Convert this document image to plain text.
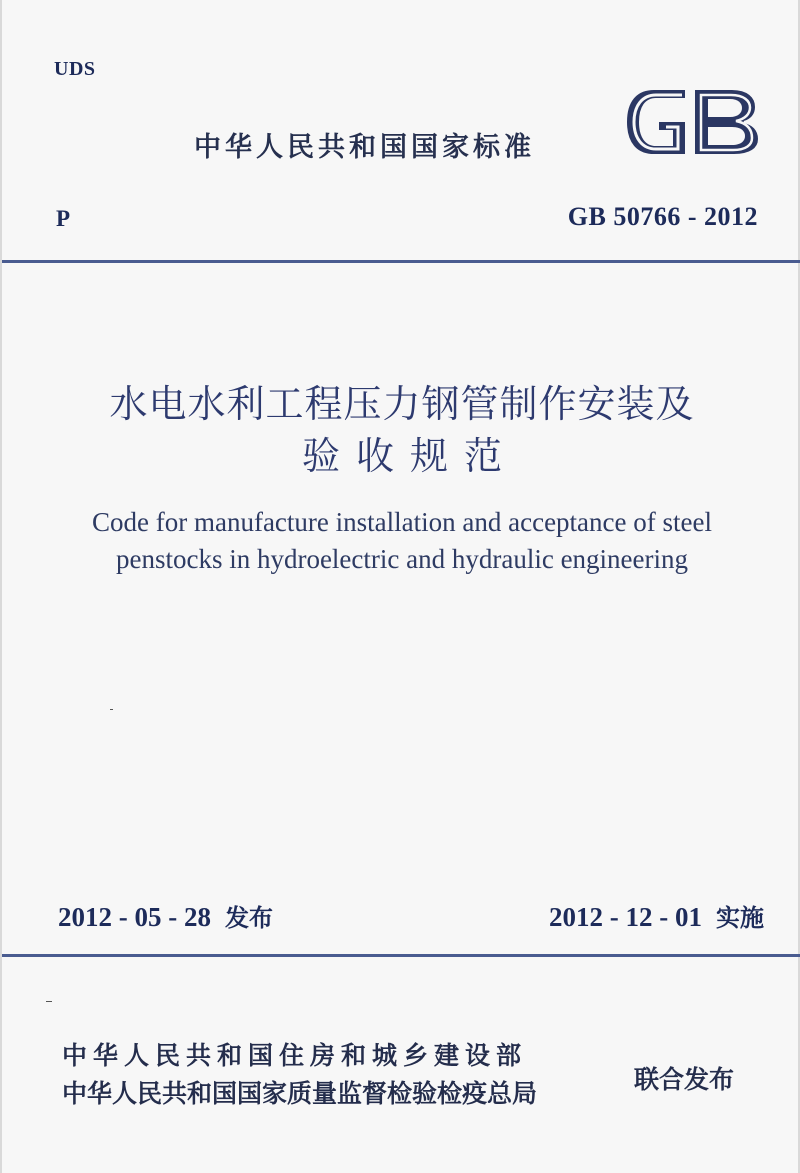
UDS
中华人民共和国国家标准
P	GB 50766 - 2012
水电水利工程压力钢管制作安装及
验收规范
Code for manufacture installation and acceptance of steel
penstocks in hydroelectric and hydraulic engineering
2012 - 05 - 28 发布	2012 - 12 - 01 实施
中华人民共和国住房和城乡建设部
中华人民共和国国家质量监督检验检疫总局	联合发布
